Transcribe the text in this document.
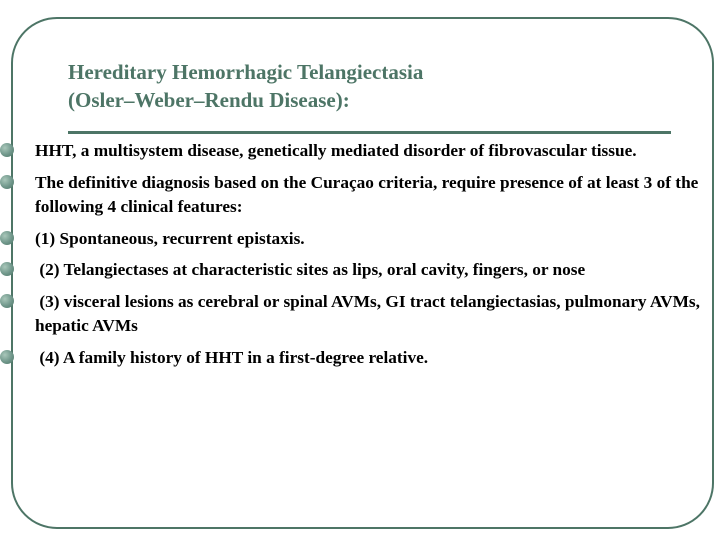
Hereditary Hemorrhagic Telangiectasia
(Osler–Weber–Rendu Disease):
HHT, a multisystem disease, genetically mediated disorder of fibrovascular tissue.
The definitive diagnosis based on the Curaçao criteria, require presence of at least 3 of the following 4 clinical features:
(1) Spontaneous, recurrent epistaxis.
(2) Telangiectases at characteristic sites as lips, oral cavity, fingers, or nose
(3) visceral lesions as cerebral or spinal AVMs, GI tract telangiectasias, pulmonary AVMs, hepatic AVMs
(4) A family history of HHT in a first-degree relative.
